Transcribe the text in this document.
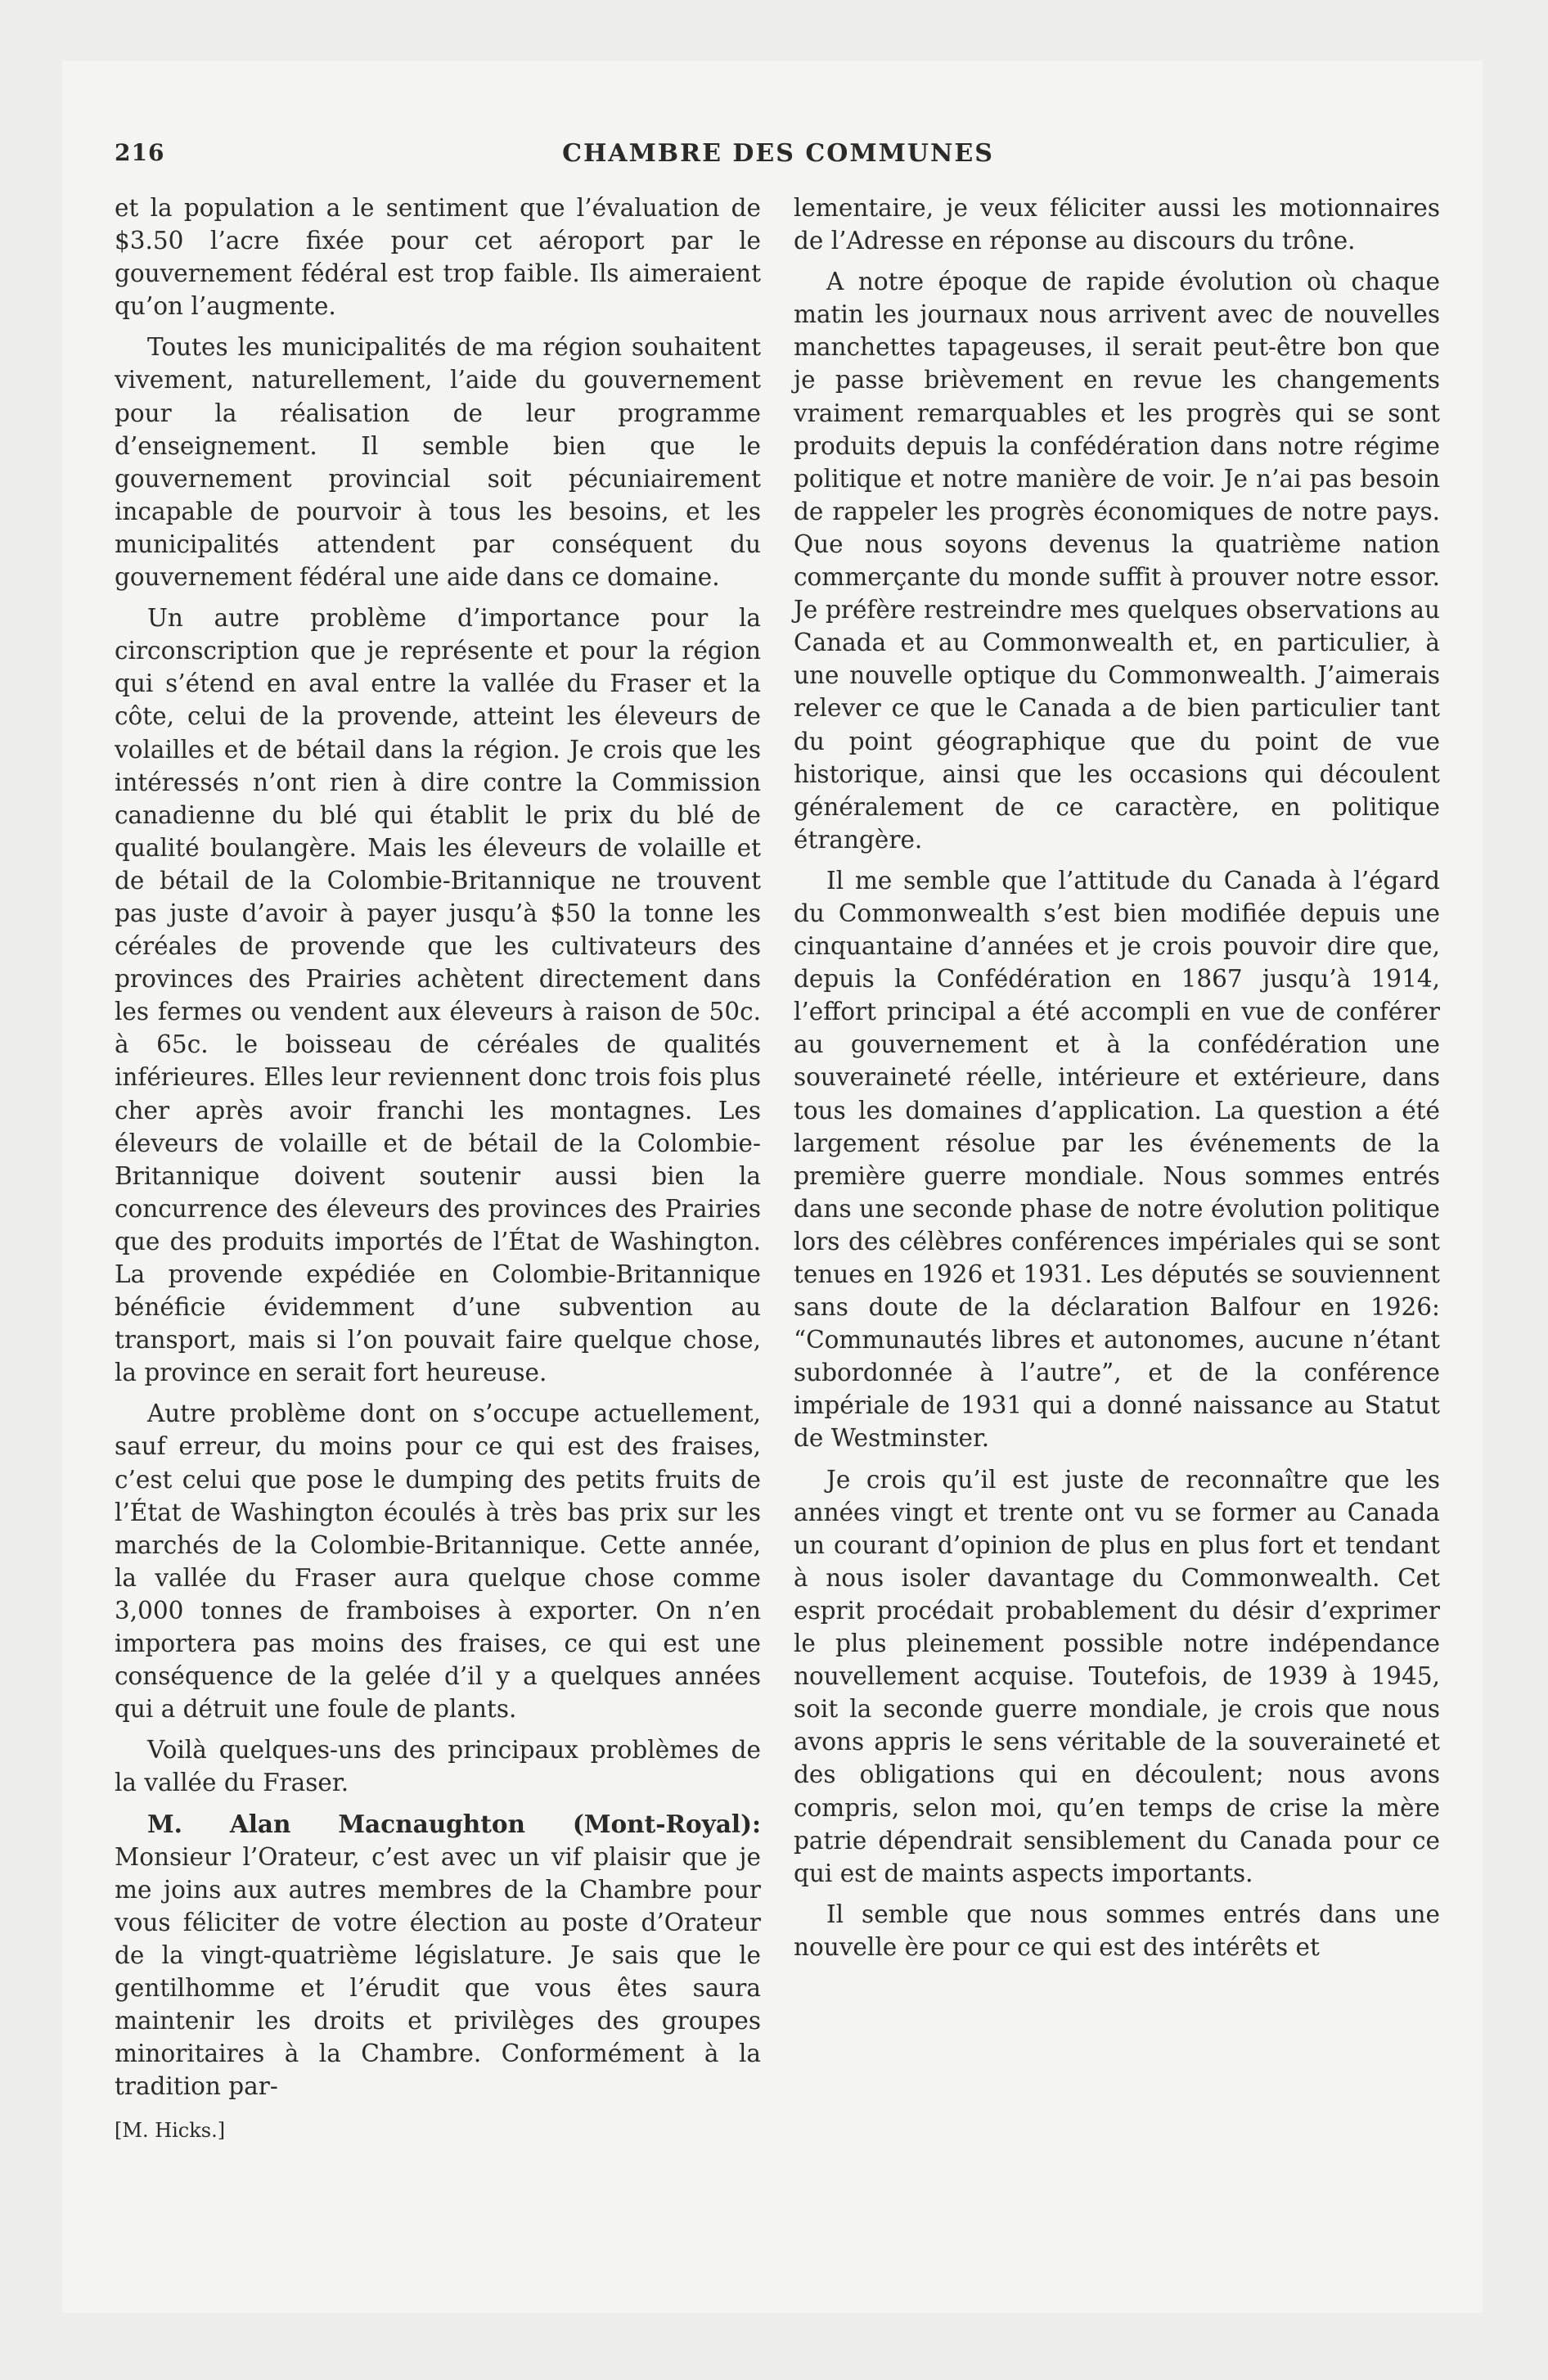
216	CHAMBRE DES COMMUNES

et la population a le sentiment que l’évaluation de $3.50 l’acre fixée pour cet aéroport par le gouvernement fédéral est trop faible. Ils aimeraient qu’on l’augmente.

Toutes les municipalités de ma région souhaitent vivement, naturellement, l’aide du gouvernement pour la réalisation de leur programme d’enseignement. Il semble bien que le gouvernement provincial soit pécuniairement incapable de pourvoir à tous les besoins, et les municipalités attendent par conséquent du gouvernement fédéral une aide dans ce domaine.

Un autre problème d’importance pour la circonscription que je représente et pour la région qui s’étend en aval entre la vallée du Fraser et la côte, celui de la provende, atteint les éleveurs de volailles et de bétail dans la région. Je crois que les intéressés n’ont rien à dire contre la Commission canadienne du blé qui établit le prix du blé de qualité boulangère. Mais les éleveurs de volaille et de bétail de la Colombie-Britannique ne trouvent pas juste d’avoir à payer jusqu’à $50 la tonne les céréales de provende que les cultivateurs des provinces des Prairies achètent directement dans les fermes ou vendent aux éleveurs à raison de 50c. à 65c. le boisseau de céréales de qualités inférieures. Elles leur reviennent donc trois fois plus cher après avoir franchi les montagnes. Les éleveurs de volaille et de bétail de la Colombie-Britannique doivent soutenir aussi bien la concurrence des éleveurs des provinces des Prairies que des produits importés de l’État de Washington. La provende expédiée en Colombie-Britannique bénéficie évidemment d’une subvention au transport, mais si l’on pouvait faire quelque chose, la province en serait fort heureuse.

Autre problème dont on s’occupe actuellement, sauf erreur, du moins pour ce qui est des fraises, c’est celui que pose le dumping des petits fruits de l’État de Washington écoulés à très bas prix sur les marchés de la Colombie-Britannique. Cette année, la vallée du Fraser aura quelque chose comme 3,000 tonnes de framboises à exporter. On n’en importera pas moins des fraises, ce qui est une conséquence de la gelée d’il y a quelques années qui a détruit une foule de plants.

Voilà quelques-uns des principaux problèmes de la vallée du Fraser.

M. Alan Macnaughton (Mont-Royal): Monsieur l’Orateur, c’est avec un vif plaisir que je me joins aux autres membres de la Chambre pour vous féliciter de votre élection au poste d’Orateur de la vingt-quatrième législature. Je sais que le gentilhomme et l’érudit que vous êtes saura maintenir les droits et privilèges des groupes minoritaires à la Chambre. Conformément à la tradition par-

[M. Hicks.]

lementaire, je veux féliciter aussi les motionnaires de l’Adresse en réponse au discours du trône.

A notre époque de rapide évolution où chaque matin les journaux nous arrivent avec de nouvelles manchettes tapageuses, il serait peut-être bon que je passe brièvement en revue les changements vraiment remarquables et les progrès qui se sont produits depuis la confédération dans notre régime politique et notre manière de voir. Je n’ai pas besoin de rappeler les progrès économiques de notre pays. Que nous soyons devenus la quatrième nation commerçante du monde suffit à prouver notre essor. Je préfère restreindre mes quelques observations au Canada et au Commonwealth et, en particulier, à une nouvelle optique du Commonwealth. J’aimerais relever ce que le Canada a de bien particulier tant du point géographique que du point de vue historique, ainsi que les occasions qui découlent généralement de ce caractère, en politique étrangère.

Il me semble que l’attitude du Canada à l’égard du Commonwealth s’est bien modifiée depuis une cinquantaine d’années et je crois pouvoir dire que, depuis la Confédération en 1867 jusqu’à 1914, l’effort principal a été accompli en vue de conférer au gouvernement et à la confédération une souveraineté réelle, intérieure et extérieure, dans tous les domaines d’application. La question a été largement résolue par les événements de la première guerre mondiale. Nous sommes entrés dans une seconde phase de notre évolution politique lors des célèbres conférences impériales qui se sont tenues en 1926 et 1931. Les députés se souviennent sans doute de la déclaration Balfour en 1926: “Communautés libres et autonomes, aucune n’étant subordonnée à l’autre”, et de la conférence impériale de 1931 qui a donné naissance au Statut de Westminster.

Je crois qu’il est juste de reconnaître que les années vingt et trente ont vu se former au Canada un courant d’opinion de plus en plus fort et tendant à nous isoler davantage du Commonwealth. Cet esprit procédait probablement du désir d’exprimer le plus pleinement possible notre indépendance nouvellement acquise. Toutefois, de 1939 à 1945, soit la seconde guerre mondiale, je crois que nous avons appris le sens véritable de la souveraineté et des obligations qui en découlent; nous avons compris, selon moi, qu’en temps de crise la mère patrie dépendrait sensiblement du Canada pour ce qui est de maints aspects importants.

Il semble que nous sommes entrés dans une nouvelle ère pour ce qui est des intérêts et
